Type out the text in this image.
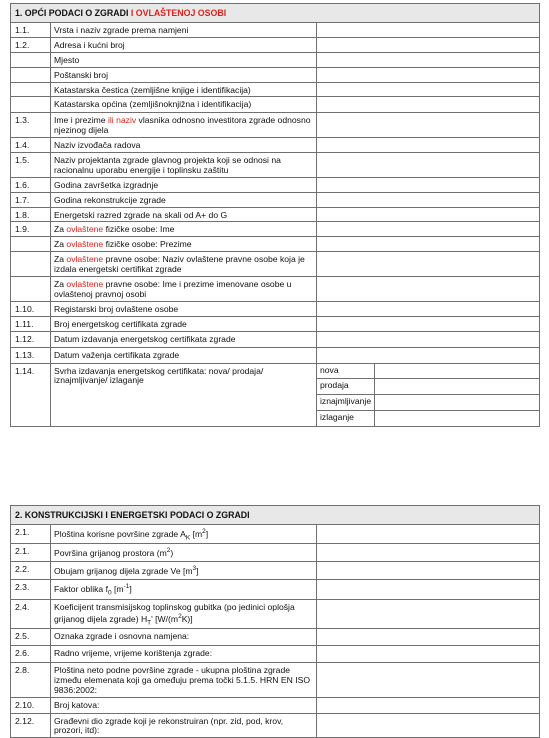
1. OPĆI PODACI O ZGRADI I OVLAŠTENOJ OSOBI			
1.1.	Vrsta i naziv zgrade prema namjeni		
1.2.	Adresa i kućni broj		
	Mjesto		
	Poštanski broj		
	Katastarska čestica (zemljišne knjige i identifikacija)		
	Katastarska općina (zemljišnoknjižna i identifikacija)		
1.3.	Ime i prezime ili naziv vlasnika odnosno investitora zgrade odnosno njezinog dijela		
1.4.	Naziv izvođača radova		
1.5.	Naziv projektanta zgrade glavnog projekta koji se odnosi na racionalnu uporabu energije i toplinsku zaštitu		
1.6.	Godina završetka izgradnje		
1.7.	Godina rekonstrukcije zgrade		
1.8.	Energetski razred zgrade na skali od A+ do G		
1.9.	Za ovlaštene fizičke osobe: Ime		
	Za ovlaštene fizičke osobe: Prezime		
	Za ovlaštene pravne osobe: Naziv ovlaštene pravne osobe koja je izdala energetski certifikat zgrade		
	Za ovlaštene pravne osobe: Ime i prezime imenovane osobe u ovlaštenoj pravnoj osobi		
1.10.	Registarski broj ovlaštene osobe		
1.11.	Broj energetskog certifikata zgrade		
1.12.	Datum izdavanja energetskog certifikata zgrade		
1.13.	Datum važenja certifikata zgrade		
1.14.	Svrha izdavanja energetskog certifikata: nova/ prodaja/ iznajmljivanje/ izlaganje	nova	
		prodaja	
		iznajmljivanje	
		izlaganje	
2. KONSTRUKCIJSKI I ENERGETSKI PODACI O ZGRADI		
2.1.	Ploština korisne površine zgrade $A_K$ $[m^2]$	
2.1.	Površina grijanog prostora $(m^2)$	
2.2.	Obujam grijanog dijela zgrade Ve $[m^3]$	
2.3.	Faktor oblika $f_0$ $[m^{-1}]$	
2.4.	Koeficijent transmisijskog toplinskog gubitka (po jedinici oplošja grijanog dijela zgrade) $H_T'$ $[W/(m^2K)]$	
2.5.	Oznaka zgrade i osnovna namjena:	
2.6.	Radno vrijeme, vrijeme korištenja zgrade:	
2.8.	Ploština neto podne površine zgrade - ukupna ploština zgrade između elemenata koji ga omeđuju prema točki 5.1.5. HRN EN ISO 9836:2002:	
2.10.	Broj katova:	
2.12.	Građevni dio zgrade koji je rekonstruiran (npr. zid, pod, krov, prozori, itd):	
